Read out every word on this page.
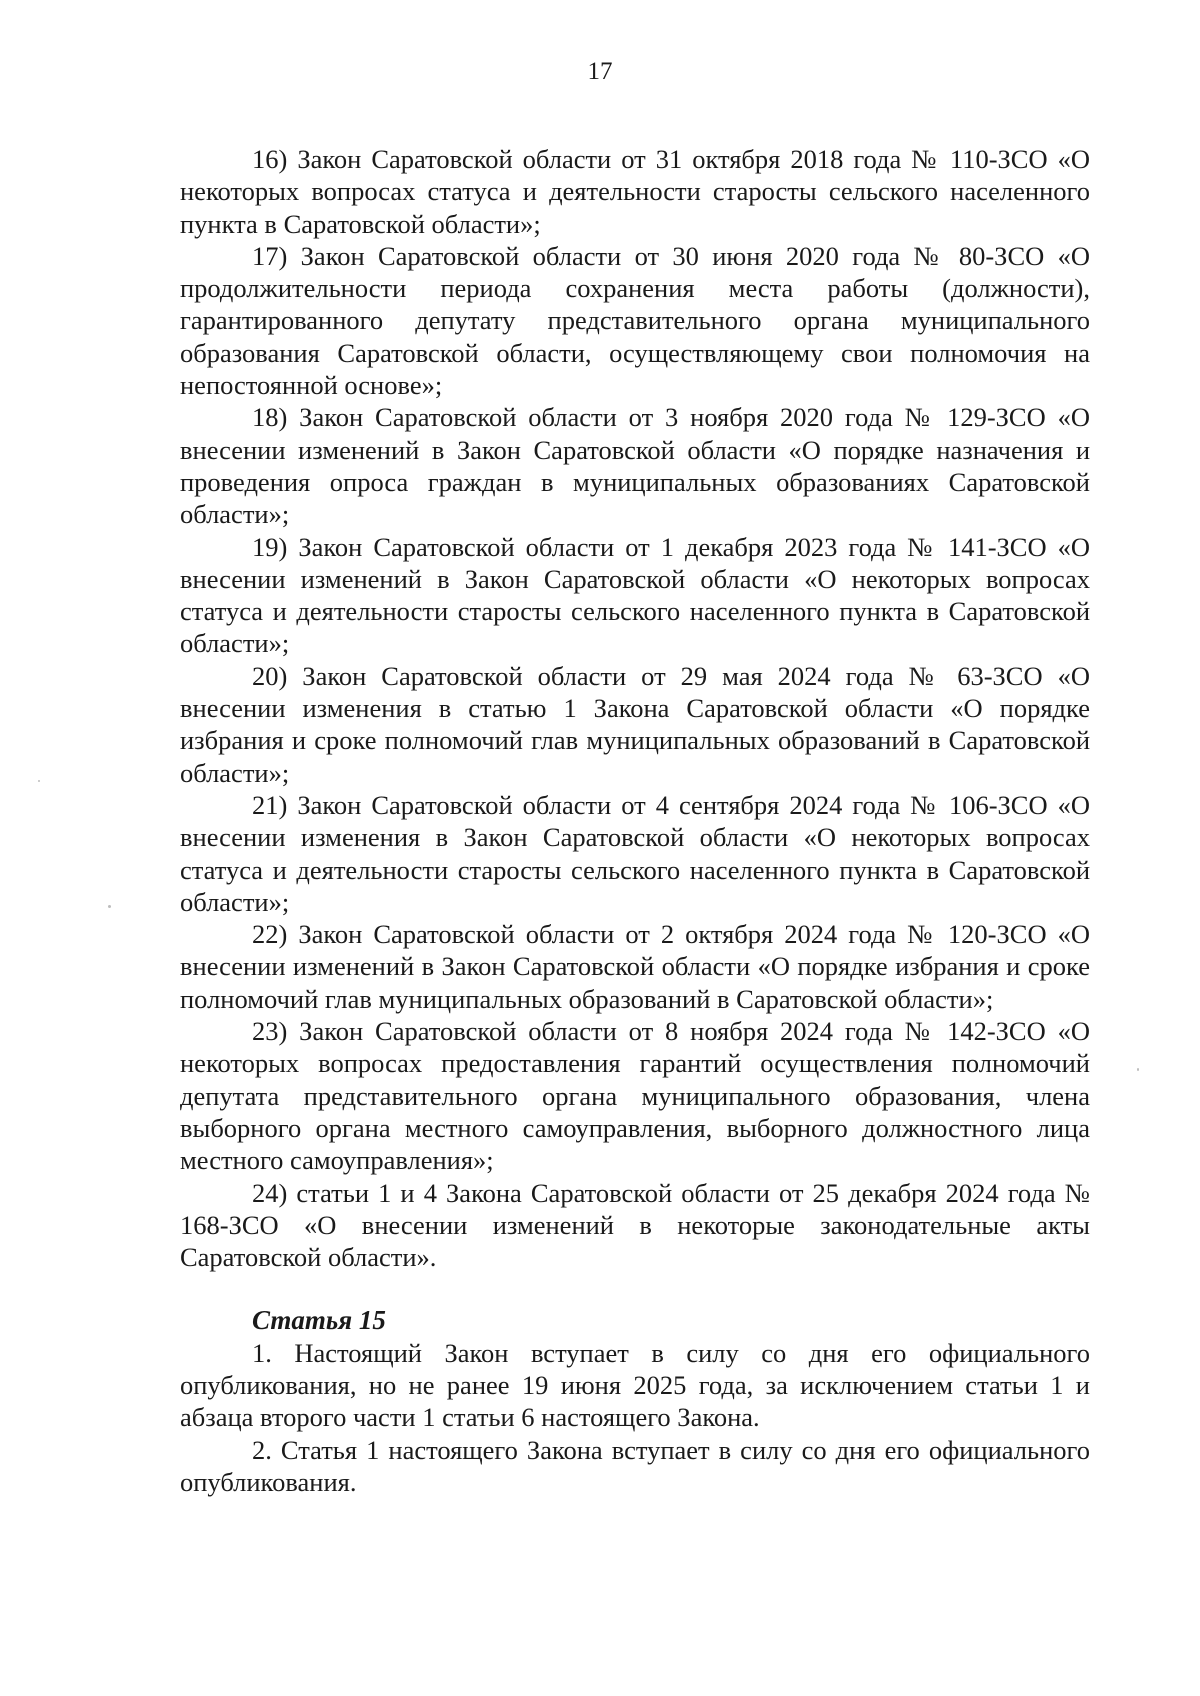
17

16) Закон Саратовской области от 31 октября 2018 года № 110-ЗСО «О некоторых вопросах статуса и деятельности старосты сельского населенного пункта в Саратовской области»;

17) Закон Саратовской области от 30 июня 2020 года № 80-ЗСО «О продолжительности периода сохранения места работы (должности), гарантированного депутату представительного органа муниципального образования Саратовской области, осуществляющему свои полномочия на непостоянной основе»;

18) Закон Саратовской области от 3 ноября 2020 года № 129-ЗСО «О внесении изменений в Закон Саратовской области «О порядке назначения и проведения опроса граждан в муниципальных образованиях Саратовской области»;

19) Закон Саратовской области от 1 декабря 2023 года № 141-ЗСО «О внесении изменений в Закон Саратовской области «О некоторых вопросах статуса и деятельности старосты сельского населенного пункта в Саратовской области»;

20) Закон Саратовской области от 29 мая 2024 года № 63-ЗСО «О внесении изменения в статью 1 Закона Саратовской области «О порядке избрания и сроке полномочий глав муниципальных образований в Саратовской области»;

21) Закон Саратовской области от 4 сентября 2024 года № 106-ЗСО «О внесении изменения в Закон Саратовской области «О некоторых вопросах статуса и деятельности старосты сельского населенного пункта в Саратовской области»;

22) Закон Саратовской области от 2 октября 2024 года № 120-ЗСО «О внесении изменений в Закон Саратовской области «О порядке избрания и сроке полномочий глав муниципальных образований в Саратовской области»;

23) Закон Саратовской области от 8 ноября 2024 года № 142-ЗСО «О некоторых вопросах предоставления гарантий осуществления полномочий депутата представительного органа муниципального образования, члена выборного органа местного самоуправления, выборного должностного лица местного самоуправления»;

24) статьи 1 и 4 Закона Саратовской области от 25 декабря 2024 года № 168-ЗСО «О внесении изменений в некоторые законодательные акты Саратовской области».

Статья 15

1. Настоящий Закон вступает в силу со дня его официального опубликования, но не ранее 19 июня 2025 года, за исключением статьи 1 и абзаца второго части 1 статьи 6 настоящего Закона.

2. Статья 1 настоящего Закона вступает в силу со дня его официального опубликования.
